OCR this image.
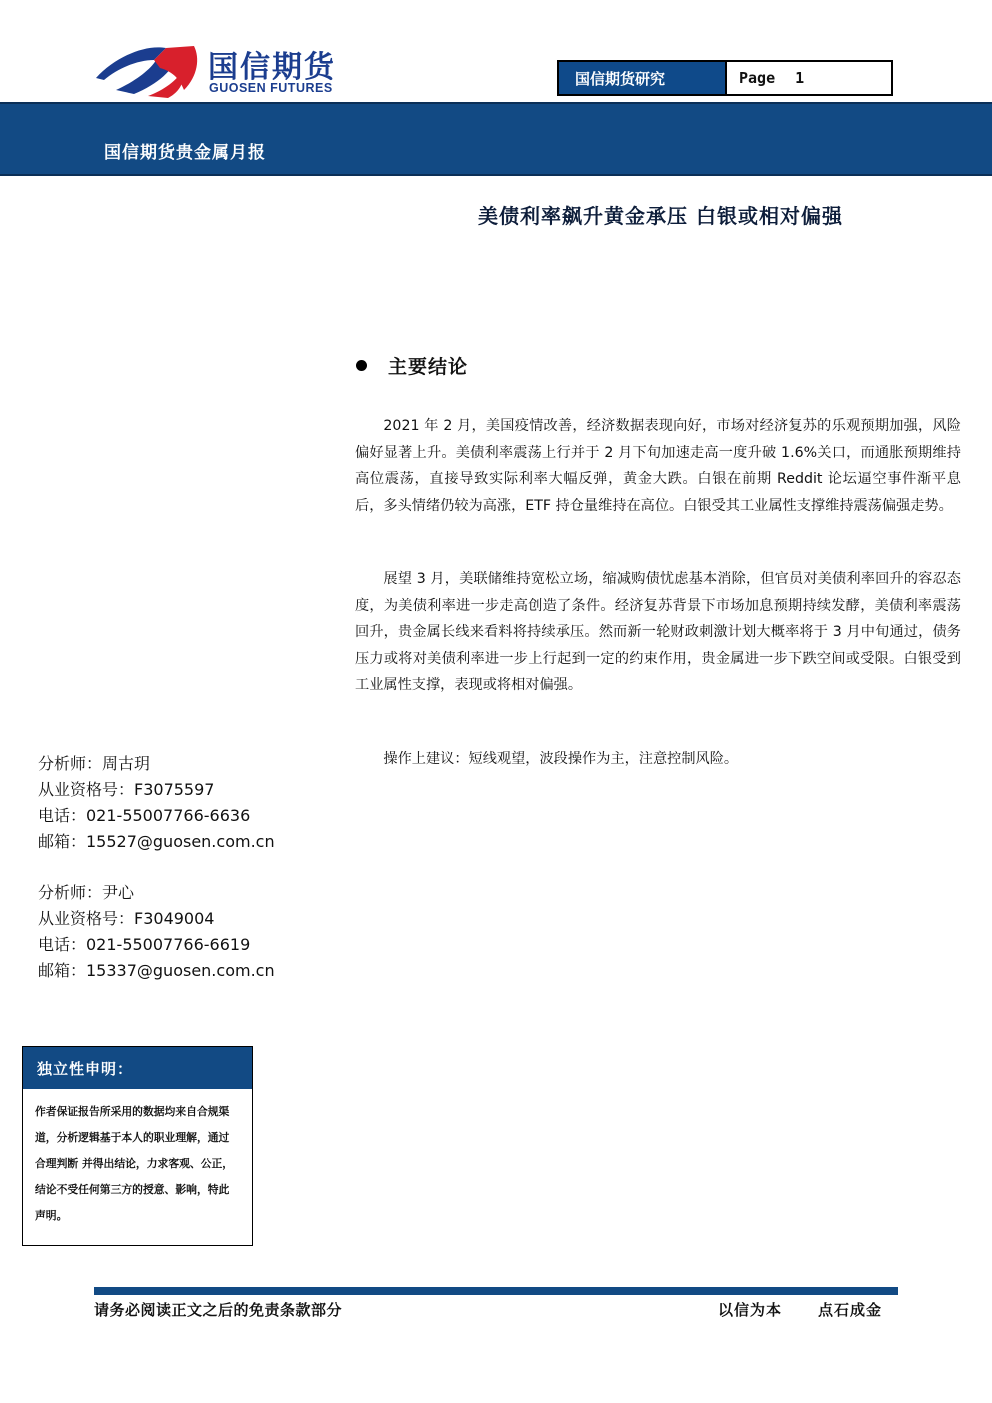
国信期货
GUOSEN FUTURES
国信期货研究	Page 1
国信期货贵金属月报
美债利率飙升黄金承压 白银或相对偏强
主要结论
2021 年 2 月，美国疫情改善，经济数据表现向好，市场对经济复苏的乐观预期加强，风险偏好显著上升。美债利率震荡上行并于 2 月下旬加速走高一度升破 1.6%关口，而通胀预期维持高位震荡，直接导致实际利率大幅反弹，黄金大跌。白银在前期 Reddit 论坛逼空事件渐平息后，多头情绪仍较为高涨，ETF 持仓量维持在高位。白银受其工业属性支撑维持震荡偏强走势。
展望 3 月，美联储维持宽松立场，缩减购债忧虑基本消除，但官员对美债利率回升的容忍态度，为美债利率进一步走高创造了条件。经济复苏背景下市场加息预期持续发酵，美债利率震荡回升，贵金属长线来看料将持续承压。然而新一轮财政刺激计划大概率将于 3 月中旬通过，债务压力或将对美债利率进一步上行起到一定的约束作用，贵金属进一步下跌空间或受限。白银受到工业属性支撑，表现或将相对偏强。
操作上建议：短线观望，波段操作为主，注意控制风险。
分析师：周古玥
从业资格号：F3075597
电话：021-55007766-6636
邮箱：15527@guosen.com.cn
分析师：尹心
从业资格号：F3049004
电话：021-55007766-6619
邮箱：15337@guosen.com.cn
独立性申明：
作者保证报告所采用的数据均来自合规渠道，分析逻辑基于本人的职业理解，通过合理判断 并得出结论，力求客观、公正，结论不受任何第三方的授意、影响，特此声明。
请务必阅读正文之后的免责条款部分	以信为本 点石成金
